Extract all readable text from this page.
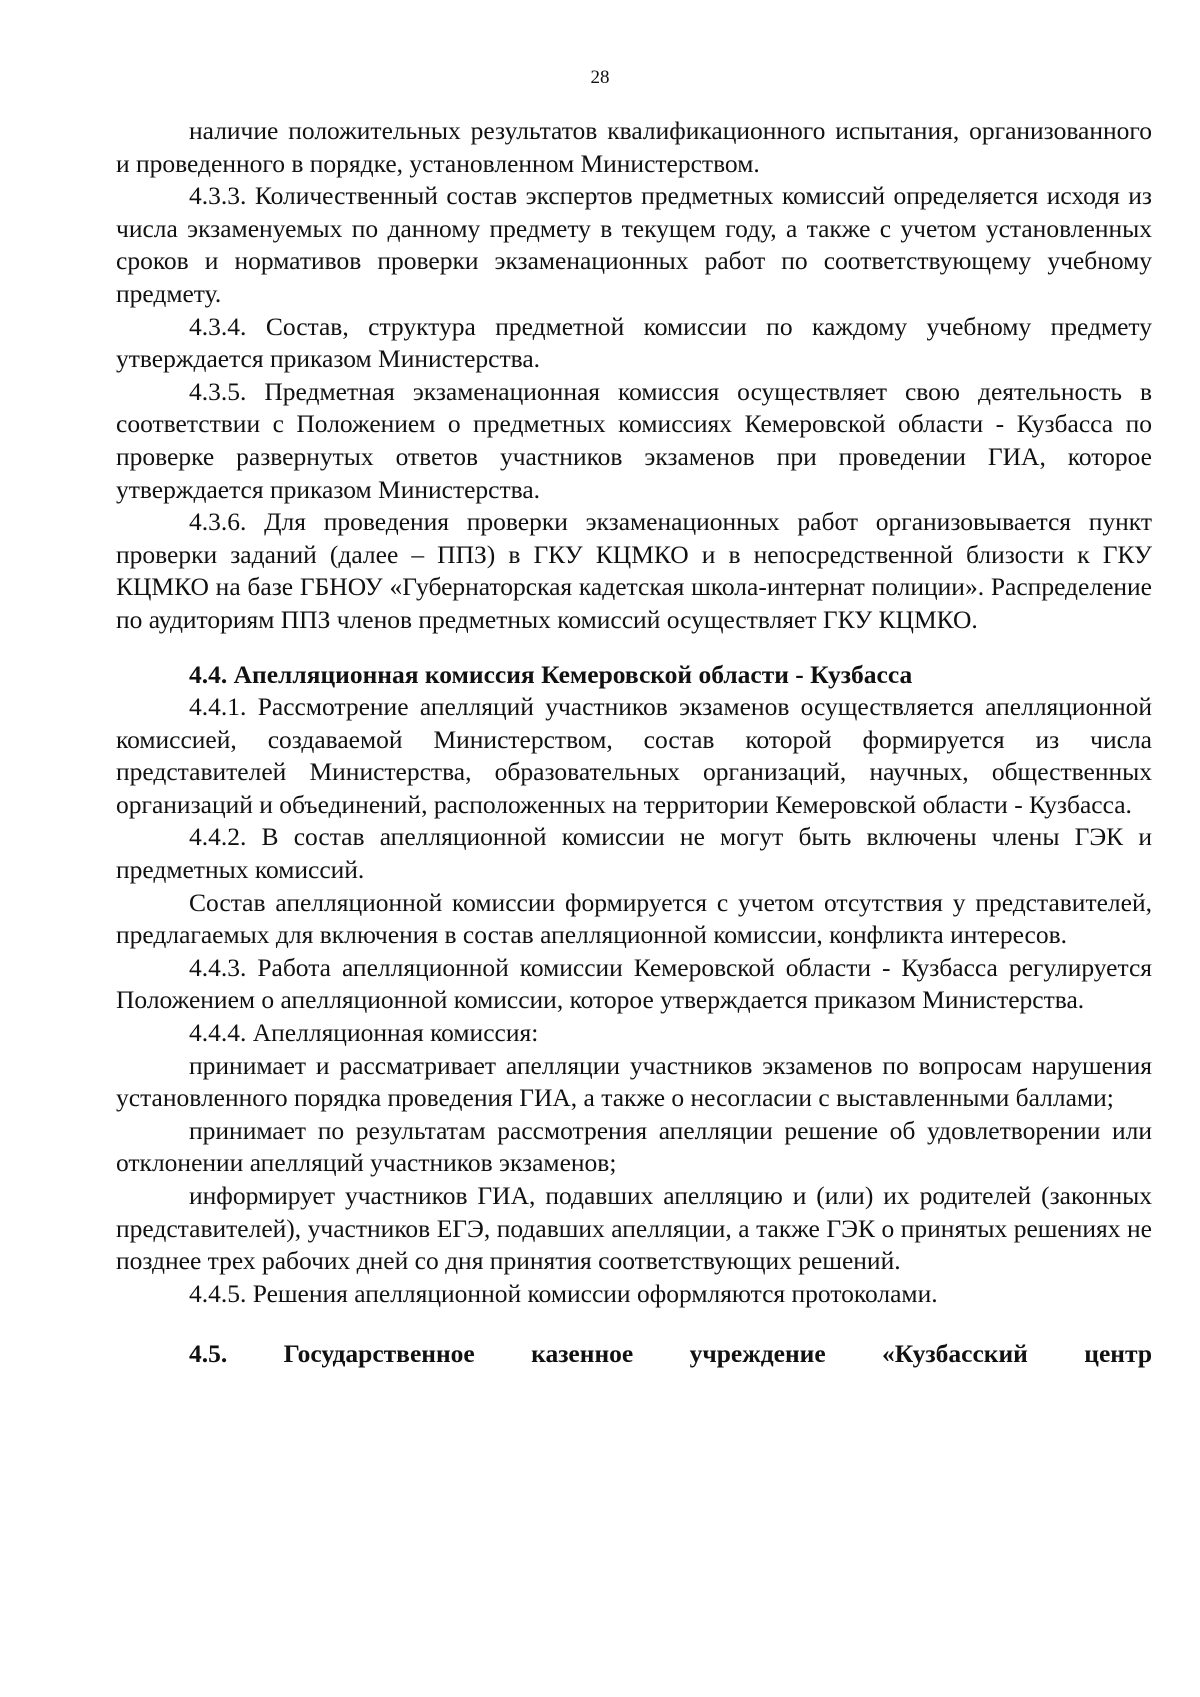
28

наличие положительных результатов квалификационного испытания, организованного и проведенного в порядке, установленном Министерством.

4.3.3. Количественный состав экспертов предметных комиссий определяется исходя из числа экзаменуемых по данному предмету в текущем году, а также с учетом установленных сроков и нормативов проверки экзаменационных работ по соответствующему учебному предмету.

4.3.4. Состав, структура предметной комиссии по каждому учебному предмету утверждается приказом Министерства.

4.3.5. Предметная экзаменационная комиссия осуществляет свою деятельность в соответствии с Положением о предметных комиссиях Кемеровской области - Кузбасса по проверке развернутых ответов участников экзаменов при проведении ГИА, которое утверждается приказом Министерства.

4.3.6. Для проведения проверки экзаменационных работ организовывается пункт проверки заданий (далее – ППЗ) в ГКУ КЦМКО и в непосредственной близости к ГКУ КЦМКО на базе ГБНОУ «Губернаторская кадетская школа-интернат полиции». Распределение по аудиториям ППЗ членов предметных комиссий осуществляет ГКУ КЦМКО.

4.4. Апелляционная комиссия Кемеровской области - Кузбасса

4.4.1. Рассмотрение апелляций участников экзаменов осуществляется апелляционной комиссией, создаваемой Министерством, состав которой формируется из числа представителей Министерства, образовательных организаций, научных, общественных организаций и объединений, расположенных на территории Кемеровской области - Кузбасса.

4.4.2. В состав апелляционной комиссии не могут быть включены члены ГЭК и предметных комиссий.

Состав апелляционной комиссии формируется с учетом отсутствия у представителей, предлагаемых для включения в состав апелляционной комиссии, конфликта интересов.

4.4.3. Работа апелляционной комиссии Кемеровской области - Кузбасса регулируется Положением о апелляционной комиссии, которое утверждается приказом Министерства.

4.4.4. Апелляционная комиссия:

принимает и рассматривает апелляции участников экзаменов по вопросам нарушения установленного порядка проведения ГИА, а также о несогласии с выставленными баллами;

принимает по результатам рассмотрения апелляции решение об удовлетворении или отклонении апелляций участников экзаменов;

информирует участников ГИА, подавших апелляцию и (или) их родителей (законных представителей), участников ЕГЭ, подавших апелляции, а также ГЭК о принятых решениях не позднее трех рабочих дней со дня принятия соответствующих решений.

4.4.5. Решения апелляционной комиссии оформляются протоколами.

4.5. Государственное казенное учреждение «Кузбасский центр
